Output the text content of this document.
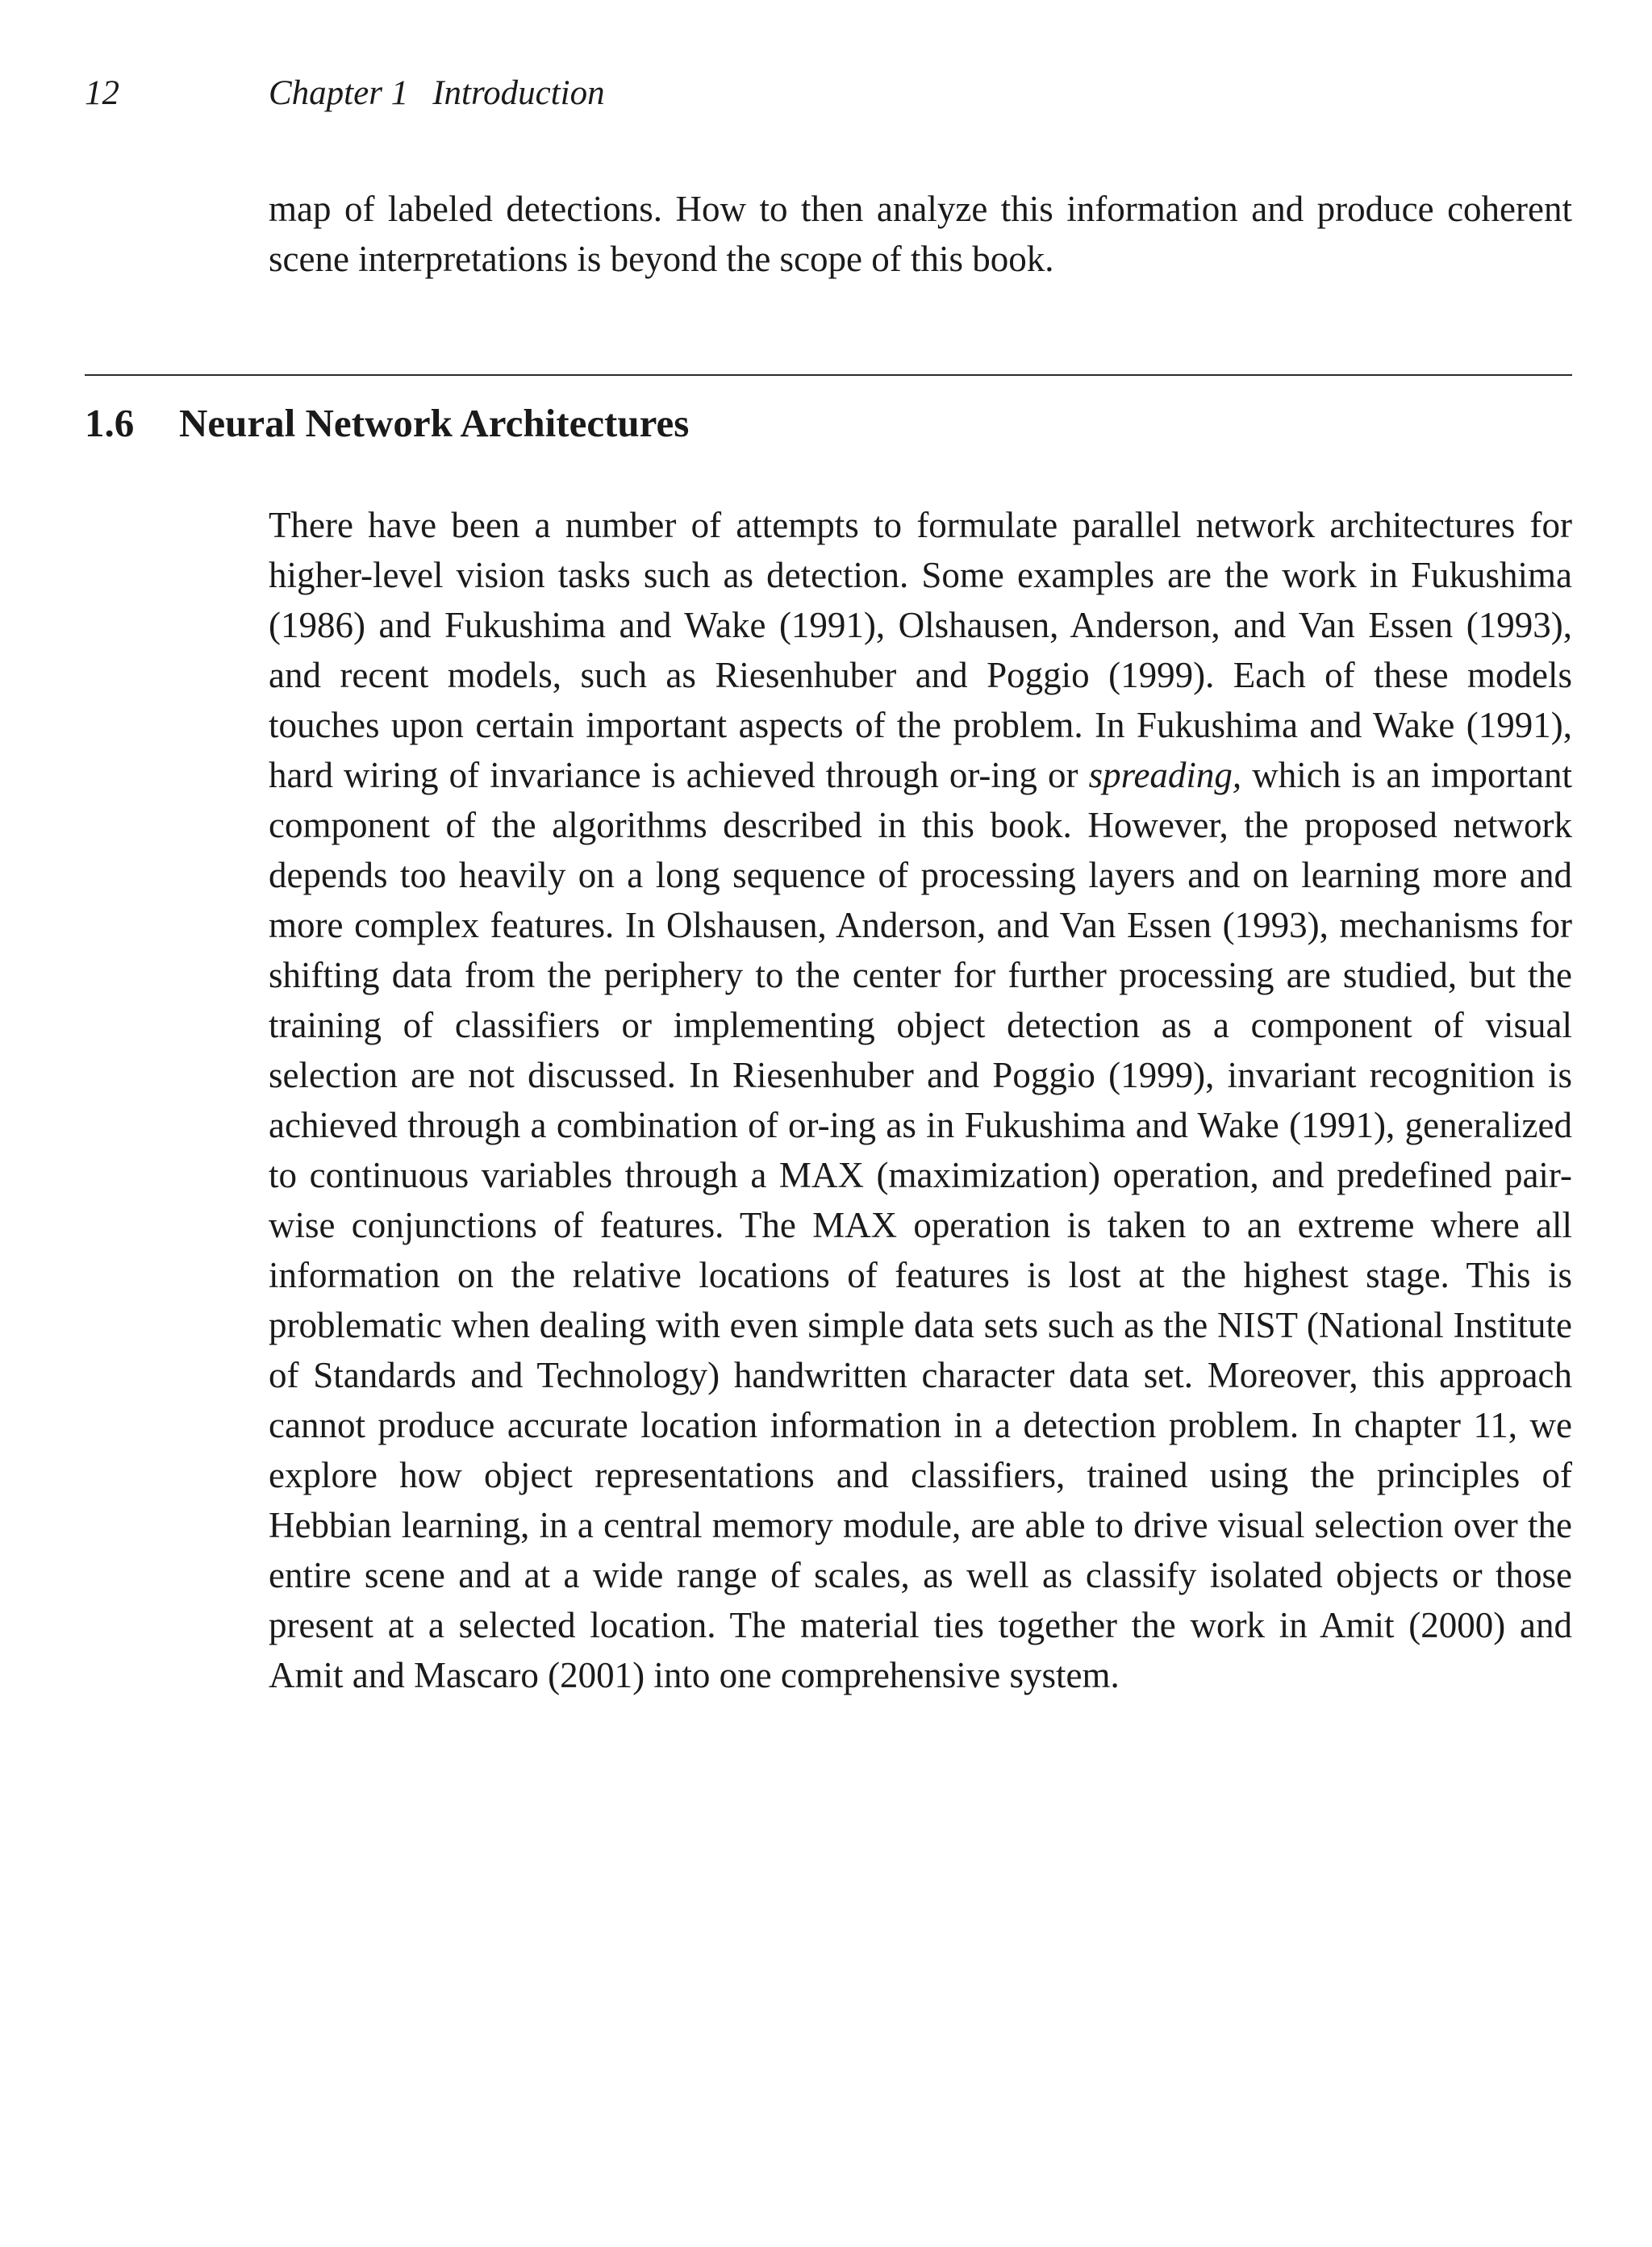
12	Chapter 1 Introduction

map of labeled detections. How to then analyze this information and produce coherent scene interpretations is beyond the scope of this book.

1.6 Neural Network Architectures

There have been a number of attempts to formulate parallel network architectures for higher-level vision tasks such as detection. Some examples are the work in Fukushima (1986) and Fukushima and Wake (1991), Olshausen, Anderson, and Van Essen (1993), and recent models, such as Riesenhuber and Poggio (1999). Each of these models touches upon certain important aspects of the problem. In Fukushima and Wake (1991), hard wiring of invariance is achieved through or-ing or spreading, which is an important component of the algorithms described in this book. However, the proposed network depends too heavily on a long sequence of processing layers and on learning more and more complex features. In Olshausen, Anderson, and Van Essen (1993), mechanisms for shifting data from the periphery to the center for further processing are studied, but the training of classifiers or implementing object detection as a component of visual selection are not discussed. In Riesenhuber and Poggio (1999), invariant recognition is achieved through a combination of or-ing as in Fukushima and Wake (1991), generalized to continuous variables through a MAX (maximization) operation, and predefined pair-wise conjunctions of features. The MAX operation is taken to an extreme where all information on the relative locations of features is lost at the highest stage. This is problematic when dealing with even simple data sets such as the NIST (National Institute of Standards and Technology) handwritten character data set. Moreover, this approach cannot produce accurate location information in a detection problem. In chapter 11, we explore how object representations and classifiers, trained using the principles of Hebbian learning, in a central memory module, are able to drive visual selection over the entire scene and at a wide range of scales, as well as classify isolated objects or those present at a selected location. The material ties together the work in Amit (2000) and Amit and Mascaro (2001) into one comprehensive system.
